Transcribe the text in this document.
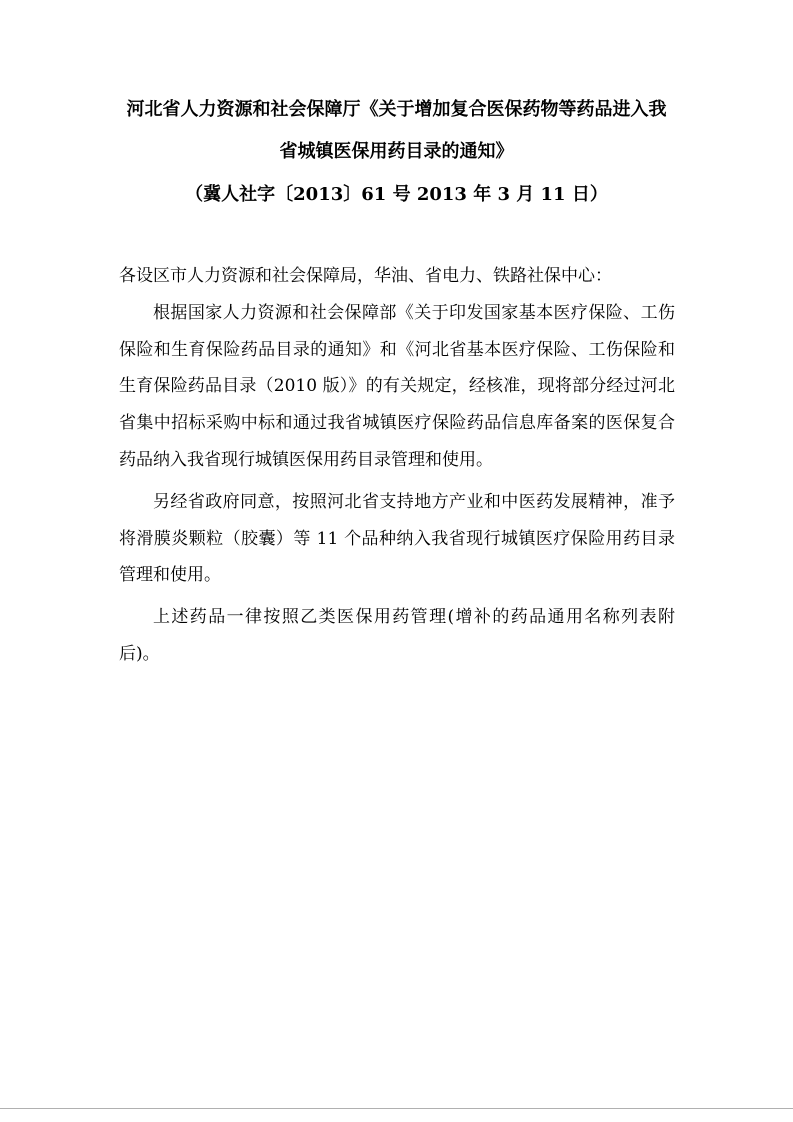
河北省人力资源和社会保障厅《关于增加复合医保药物等药品进入我

省城镇医保用药目录的通知》

（冀人社字〔2013〕61 号 2013 年 3 月 11 日）

各设区市人力资源和社会保障局，华油、省电力、铁路社保中心：

根据国家人力资源和社会保障部《关于印发国家基本医疗保险、工伤保险和生育保险药品目录的通知》和《河北省基本医疗保险、工伤保险和生育保险药品目录（2010 版）》的有关规定，经核准，现将部分经过河北省集中招标采购中标和通过我省城镇医疗保险药品信息库备案的医保复合药品纳入我省现行城镇医保用药目录管理和使用。

另经省政府同意，按照河北省支持地方产业和中医药发展精神，准予将滑膜炎颗粒（胶囊）等 11 个品种纳入我省现行城镇医疗保险用药目录管理和使用。

上述药品一律按照乙类医保用药管理(增补的药品通用名称列表附后)。
